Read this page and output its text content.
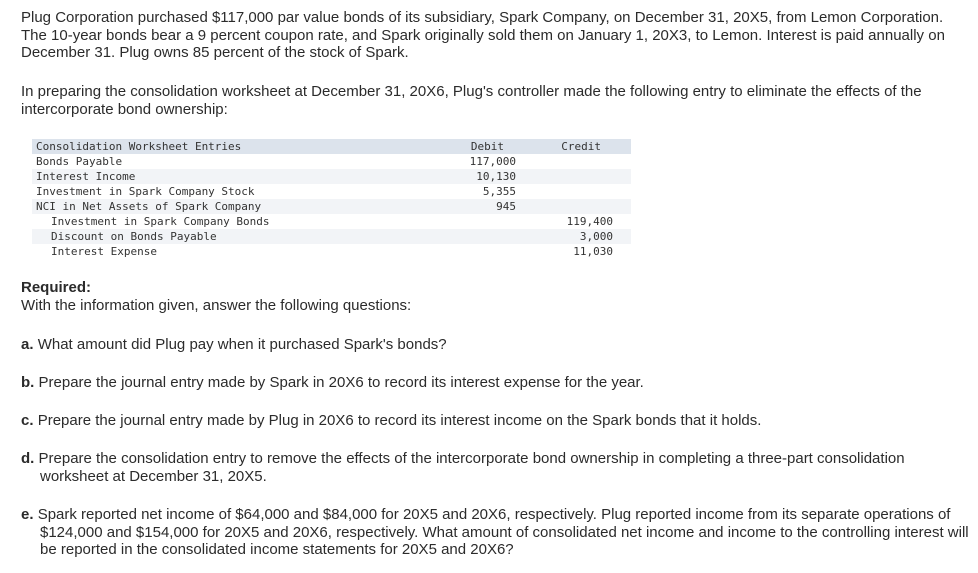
Plug Corporation purchased $117,000 par value bonds of its subsidiary, Spark Company, on December 31, 20X5, from Lemon Corporation. The 10-year bonds bear a 9 percent coupon rate, and Spark originally sold them on January 1, 20X3, to Lemon. Interest is paid annually on December 31. Plug owns 85 percent of the stock of Spark.
In preparing the consolidation worksheet at December 31, 20X6, Plug's controller made the following entry to eliminate the effects of the intercorporate bond ownership:
Consolidation Worksheet Entries	Debit	Credit
Bonds Payable	117,000	
Interest Income	10,130	
Investment in Spark Company Stock	5,355	
NCI in Net Assets of Spark Company	945	
Investment in Spark Company Bonds		119,400
Discount on Bonds Payable		3,000
Interest Expense		11,030
Required:
With the information given, answer the following questions:
a. What amount did Plug pay when it purchased Spark's bonds?
b. Prepare the journal entry made by Spark in 20X6 to record its interest expense for the year.
c. Prepare the journal entry made by Plug in 20X6 to record its interest income on the Spark bonds that it holds.
d. Prepare the consolidation entry to remove the effects of the intercorporate bond ownership in completing a three-part consolidation worksheet at December 31, 20X5.
e. Spark reported net income of $64,000 and $84,000 for 20X5 and 20X6, respectively. Plug reported income from its separate operations of $124,000 and $154,000 for 20X5 and 20X6, respectively. What amount of consolidated net income and income to the controlling interest will be reported in the consolidated income statements for 20X5 and 20X6?
